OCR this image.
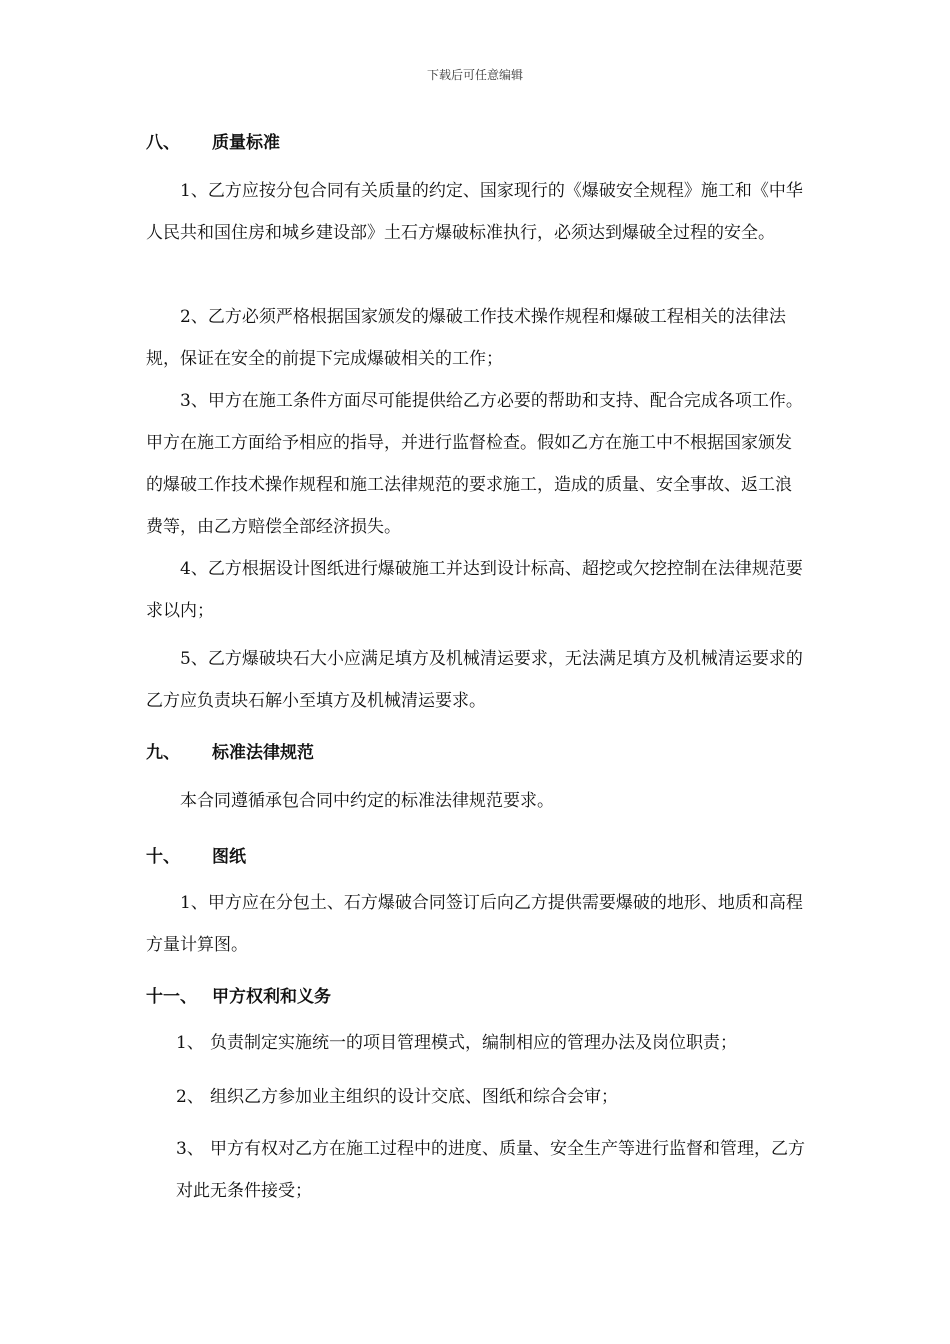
下载后可任意编辑
八、 质量标准

1、乙方应按分包合同有关质量的约定、国家现行的《爆破安全规程》施工和《中华人民共和国住房和城乡建设部》土石方爆破标准执行，必须达到爆破全过程的安全。

2、乙方必须严格根据国家颁发的爆破工作技术操作规程和爆破工程相关的法律法规，保证在安全的前提下完成爆破相关的工作；

3、甲方在施工条件方面尽可能提供给乙方必要的帮助和支持、配合完成各项工作。甲方在施工方面给予相应的指导，并进行监督检查。假如乙方在施工中不根据国家颁发的爆破工作技术操作规程和施工法律规范的要求施工，造成的质量、安全事故、返工浪费等，由乙方赔偿全部经济损失。

4、乙方根据设计图纸进行爆破施工并达到设计标高、超挖或欠挖控制在法律规范要求以内；

5、乙方爆破块石大小应满足填方及机械清运要求，无法满足填方及机械清运要求的乙方应负责块石解小至填方及机械清运要求。

九、 标准法律规范

本合同遵循承包合同中约定的标准法律规范要求。

十、 图纸

1、甲方应在分包土、石方爆破合同签订后向乙方提供需要爆破的地形、地质和高程方量计算图。

十一、 甲方权利和义务
1、 负责制定实施统一的项目管理模式，编制相应的管理办法及岗位职责；
2、 组织乙方参加业主组织的设计交底、图纸和综合会审；
3、 甲方有权对乙方在施工过程中的进度、质量、安全生产等进行监督和管理，乙方对此无条件接受；
